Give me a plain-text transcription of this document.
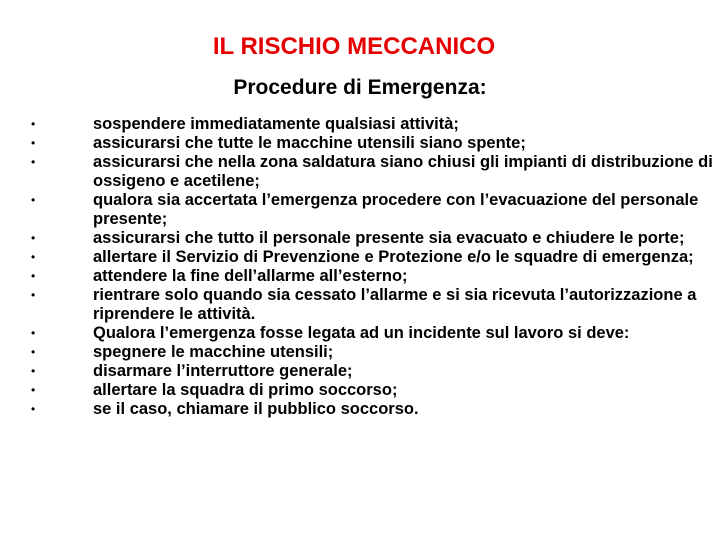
IL RISCHIO MECCANICO
Procedure di Emergenza:
•	sospendere immediatamente qualsiasi attività;
•	assicurarsi che tutte le macchine utensili siano spente;
•	assicurarsi che nella zona saldatura siano chiusi gli impianti di distribuzione di ossigeno e acetilene;
•	qualora sia accertata l’emergenza procedere con l’evacuazione del personale presente;
•	assicurarsi che tutto il personale presente sia evacuato e chiudere le porte;
•	allertare il Servizio di Prevenzione e Protezione e/o le squadre di emergenza;
•	attendere la fine dell’allarme all’esterno;
•	rientrare solo quando sia cessato l’allarme e si sia ricevuta l’autorizzazione a riprendere le attività.
•	Qualora l’emergenza fosse legata ad un incidente sul lavoro si deve:
•	spegnere le macchine utensili;
•	disarmare l’interruttore generale;
•	allertare la squadra di primo soccorso;
•	se il caso, chiamare il pubblico soccorso.
